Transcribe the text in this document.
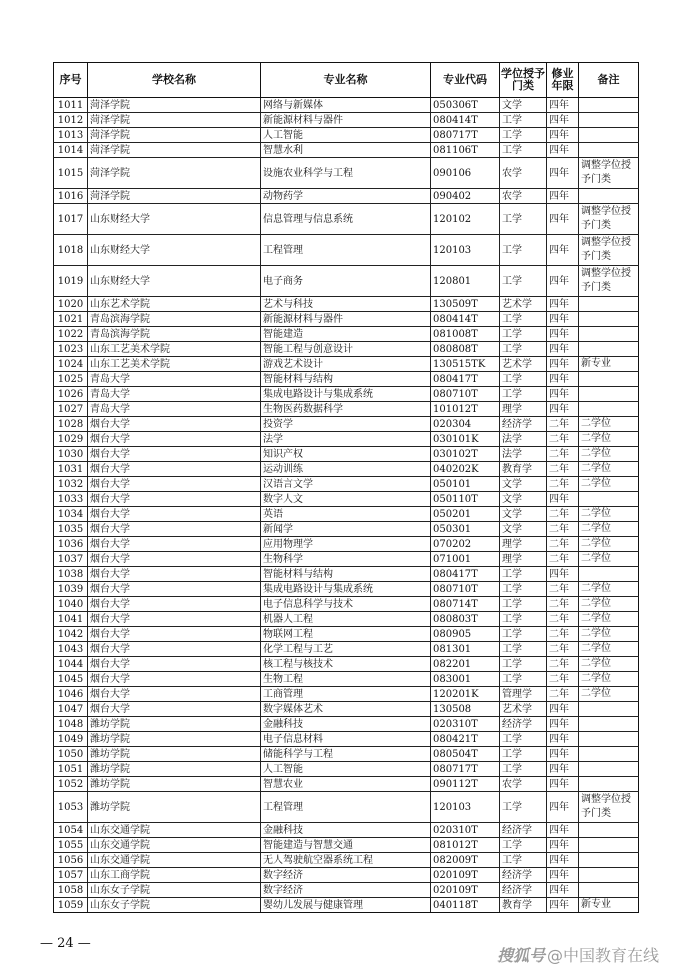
序号	学校名称	专业名称	专业代码	学位授予门类	修业年限	备注
1011	菏泽学院	网络与新媒体	050306T	文学	四年	
1012	菏泽学院	新能源材料与器件	080414T	工学	四年	
1013	菏泽学院	人工智能	080717T	工学	四年	
1014	菏泽学院	智慧水利	081106T	工学	四年	
1015	菏泽学院	设施农业科学与工程	090106	农学	四年	调整学位授予门类
1016	菏泽学院	动物药学	090402	农学	四年	
1017	山东财经大学	信息管理与信息系统	120102	工学	四年	调整学位授予门类
1018	山东财经大学	工程管理	120103	工学	四年	调整学位授予门类
1019	山东财经大学	电子商务	120801	工学	四年	调整学位授予门类
1020	山东艺术学院	艺术与科技	130509T	艺术学	四年	
1021	青岛滨海学院	新能源材料与器件	080414T	工学	四年	
1022	青岛滨海学院	智能建造	081008T	工学	四年	
1023	山东工艺美术学院	智能工程与创意设计	080808T	工学	四年	
1024	山东工艺美术学院	游戏艺术设计	130515TK	艺术学	四年	新专业
1025	青岛大学	智能材料与结构	080417T	工学	四年	
1026	青岛大学	集成电路设计与集成系统	080710T	工学	四年	
1027	青岛大学	生物医药数据科学	101012T	理学	四年	
1028	烟台大学	投资学	020304	经济学	二年	二学位
1029	烟台大学	法学	030101K	法学	二年	二学位
1030	烟台大学	知识产权	030102T	法学	二年	二学位
1031	烟台大学	运动训练	040202K	教育学	二年	二学位
1032	烟台大学	汉语言文学	050101	文学	二年	二学位
1033	烟台大学	数字人文	050110T	文学	四年	
1034	烟台大学	英语	050201	文学	二年	二学位
1035	烟台大学	新闻学	050301	文学	二年	二学位
1036	烟台大学	应用物理学	070202	理学	二年	二学位
1037	烟台大学	生物科学	071001	理学	二年	二学位
1038	烟台大学	智能材料与结构	080417T	工学	四年	
1039	烟台大学	集成电路设计与集成系统	080710T	工学	二年	二学位
1040	烟台大学	电子信息科学与技术	080714T	工学	二年	二学位
1041	烟台大学	机器人工程	080803T	工学	二年	二学位
1042	烟台大学	物联网工程	080905	工学	二年	二学位
1043	烟台大学	化学工程与工艺	081301	工学	二年	二学位
1044	烟台大学	核工程与核技术	082201	工学	二年	二学位
1045	烟台大学	生物工程	083001	工学	二年	二学位
1046	烟台大学	工商管理	120201K	管理学	二年	二学位
1047	烟台大学	数字媒体艺术	130508	艺术学	四年	
1048	潍坊学院	金融科技	020310T	经济学	四年	
1049	潍坊学院	电子信息材料	080421T	工学	四年	
1050	潍坊学院	储能科学与工程	080504T	工学	四年	
1051	潍坊学院	人工智能	080717T	工学	四年	
1052	潍坊学院	智慧农业	090112T	农学	四年	
1053	潍坊学院	工程管理	120103	工学	四年	调整学位授予门类
1054	山东交通学院	金融科技	020310T	经济学	四年	
1055	山东交通学院	智能建造与智慧交通	081012T	工学	四年	
1056	山东交通学院	无人驾驶航空器系统工程	082009T	工学	四年	
1057	山东工商学院	数字经济	020109T	经济学	四年	
1058	山东女子学院	数字经济	020109T	经济学	四年	
1059	山东女子学院	婴幼儿发展与健康管理	040118T	教育学	四年	新专业
— 24 —
搜狐号 @中国教育在线
